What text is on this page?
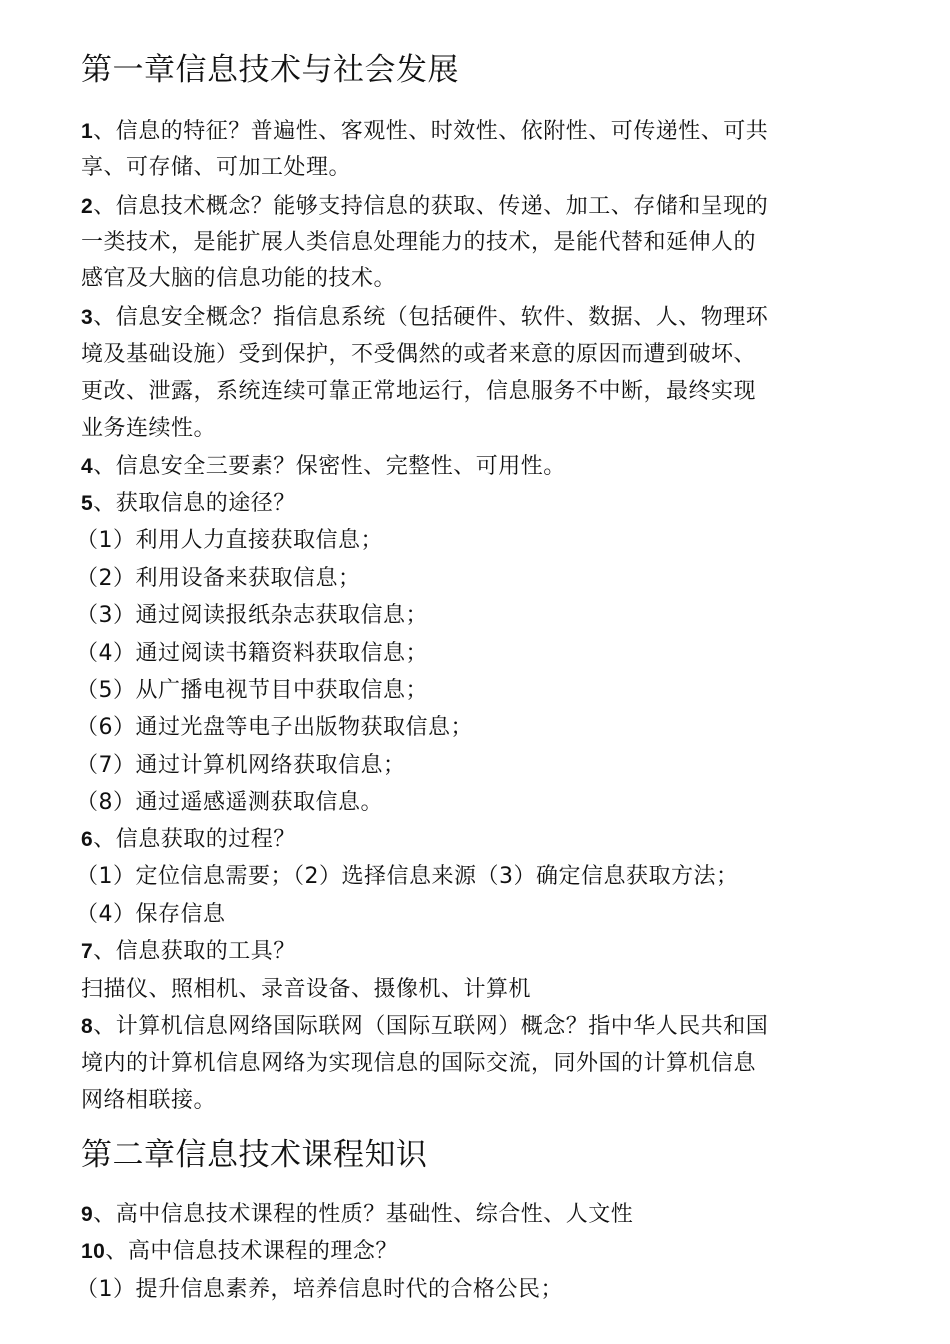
第一章信息技术与社会发展
1、信息的特征？普遍性、客观性、时效性、依附性、可传递性、可共
享、可存储、可加工处理。
2、信息技术概念？能够支持信息的获取、传递、加工、存储和呈现的
一类技术，是能扩展人类信息处理能力的技术，是能代替和延伸人的
感官及大脑的信息功能的技术。
3、信息安全概念？指信息系统（包括硬件、软件、数据、人、物理环
境及基础设施）受到保护，不受偶然的或者来意的原因而遭到破坏、
更改、泄露，系统连续可靠正常地运行，信息服务不中断，最终实现
业务连续性。
4、信息安全三要素？保密性、完整性、可用性。
5、获取信息的途径？
（1）利用人力直接获取信息；
（2）利用设备来获取信息；
（3）通过阅读报纸杂志获取信息；
（4）通过阅读书籍资料获取信息；
（5）从广播电视节目中获取信息；
（6）通过光盘等电子出版物获取信息；
（7）通过计算机网络获取信息；
（8）通过遥感遥测获取信息。
6、信息获取的过程？
（1）定位信息需要；（2）选择信息来源（3）确定信息获取方法；
（4）保存信息
7、信息获取的工具？
扫描仪、照相机、录音设备、摄像机、计算机
8、计算机信息网络国际联网（国际互联网）概念？指中华人民共和国
境内的计算机信息网络为实现信息的国际交流，同外国的计算机信息
网络相联接。
第二章信息技术课程知识
9、高中信息技术课程的性质？基础性、综合性、人文性
10、高中信息技术课程的理念？
（1）提升信息素养，培养信息时代的合格公民；
